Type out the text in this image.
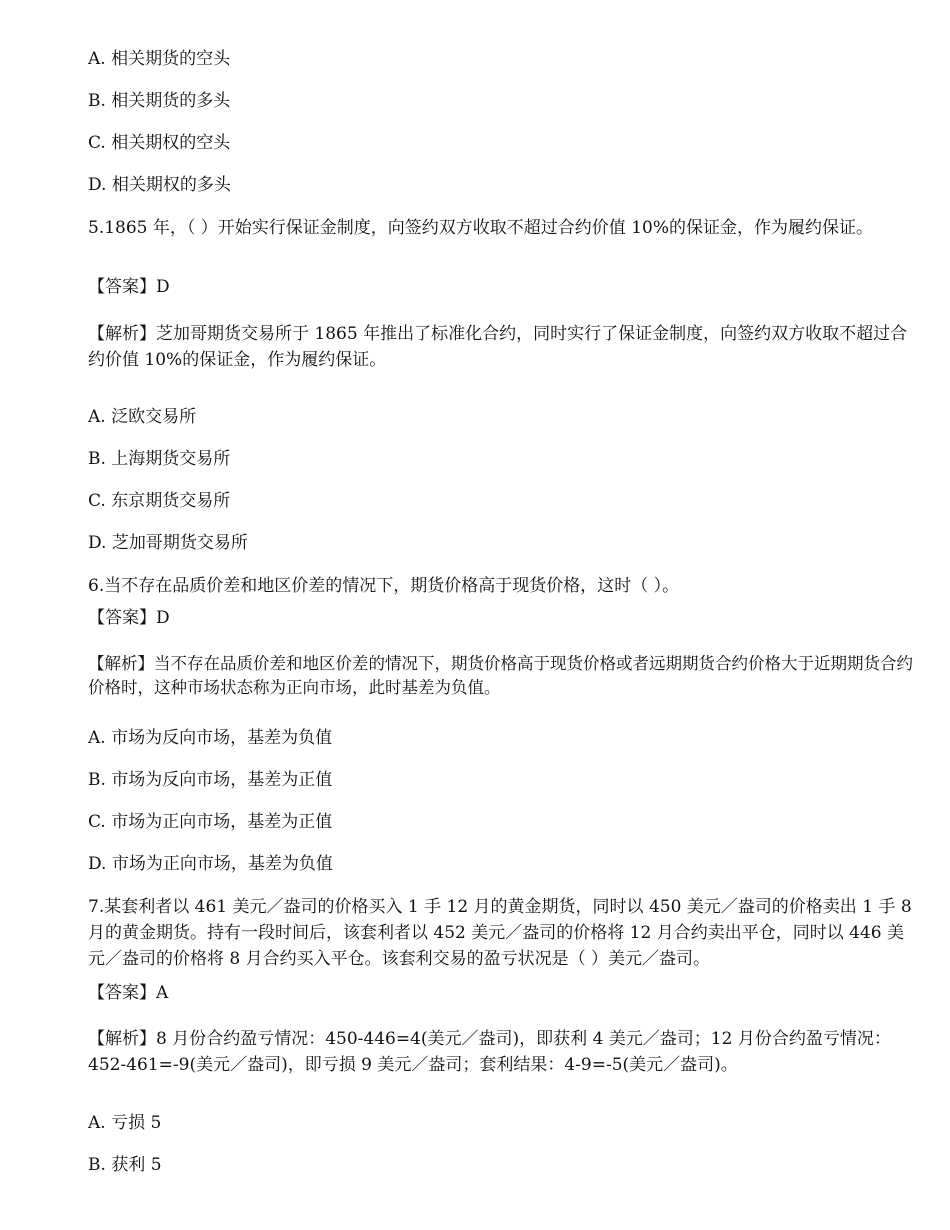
A. 相关期货的空头
B. 相关期货的多头
C. 相关期权的空头
D. 相关期权的多头
5.1865 年，（ ）开始实行保证金制度，向签约双方收取不超过合约价值 10%的保证金，作为履约保证。
【答案】D
【解析】芝加哥期货交易所于 1865 年推出了标准化合约，同时实行了保证金制度，向签约双方收取不超过合约价值 10%的保证金，作为履约保证。
A. 泛欧交易所
B. 上海期货交易所
C. 东京期货交易所
D. 芝加哥期货交易所
6.当不存在品质价差和地区价差的情况下，期货价格高于现货价格，这时（ ）。
【答案】D
【解析】当不存在品质价差和地区价差的情况下，期货价格高于现货价格或者远期期货合约价格大于近期期货合约价格时，这种市场状态称为正向市场，此时基差为负值。
A. 市场为反向市场，基差为负值
B. 市场为反向市场，基差为正值
C. 市场为正向市场，基差为正值
D. 市场为正向市场，基差为负值
7.某套利者以 461 美元／盎司的价格买入 1 手 12 月的黄金期货，同时以 450 美元／盎司的价格卖出 1 手 8 月的黄金期货。持有一段时间后，该套利者以 452 美元／盎司的价格将 12 月合约卖出平仓，同时以 446 美元／盎司的价格将 8 月合约买入平仓。该套利交易的盈亏状况是（ ）美元／盎司。
【答案】A
【解析】8 月份合约盈亏情况：450-446=4(美元／盎司)，即获利 4 美元／盎司；12 月份合约盈亏情况：452-461=-9(美元／盎司)，即亏损 9 美元／盎司；套利结果：4-9=-5(美元／盎司)。
A. 亏损 5
B. 获利 5
